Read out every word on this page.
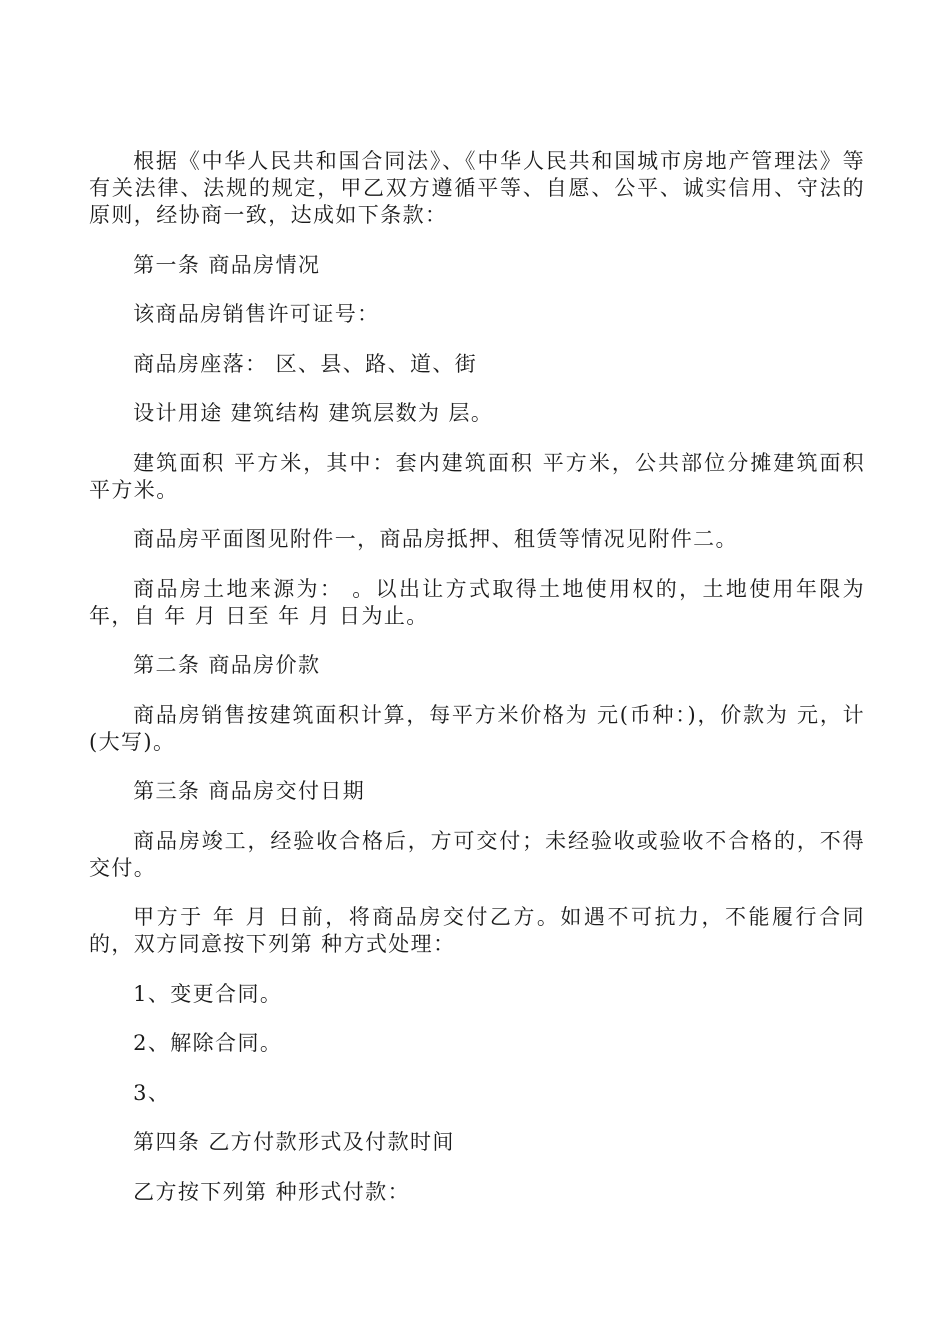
根据《中华人民共和国合同法》、《中华人民共和国城市房地产管理法》等有关法律、法规的规定，甲乙双方遵循平等、自愿、公平、诚实信用、守法的原则，经协商一致，达成如下条款：

第一条 商品房情况

该商品房销售许可证号：

商品房座落： 区、县、路、道、街

设计用途 建筑结构 建筑层数为 层。

建筑面积 平方米，其中：套内建筑面积 平方米，公共部位分摊建筑面积 平方米。

商品房平面图见附件一，商品房抵押、租赁等情况见附件二。

商品房土地来源为： 。以出让方式取得土地使用权的，土地使用年限为 年，自 年 月 日至 年 月 日为止。

第二条 商品房价款

商品房销售按建筑面积计算，每平方米价格为 元(币种：)，价款为 元，计 (大写)。

第三条 商品房交付日期

商品房竣工，经验收合格后，方可交付；未经验收或验收不合格的，不得交付。

甲方于 年 月 日前，将商品房交付乙方。如遇不可抗力，不能履行合同的，双方同意按下列第 种方式处理：

1、变更合同。

2、解除合同。

3、

第四条 乙方付款形式及付款时间

乙方按下列第 种形式付款：
